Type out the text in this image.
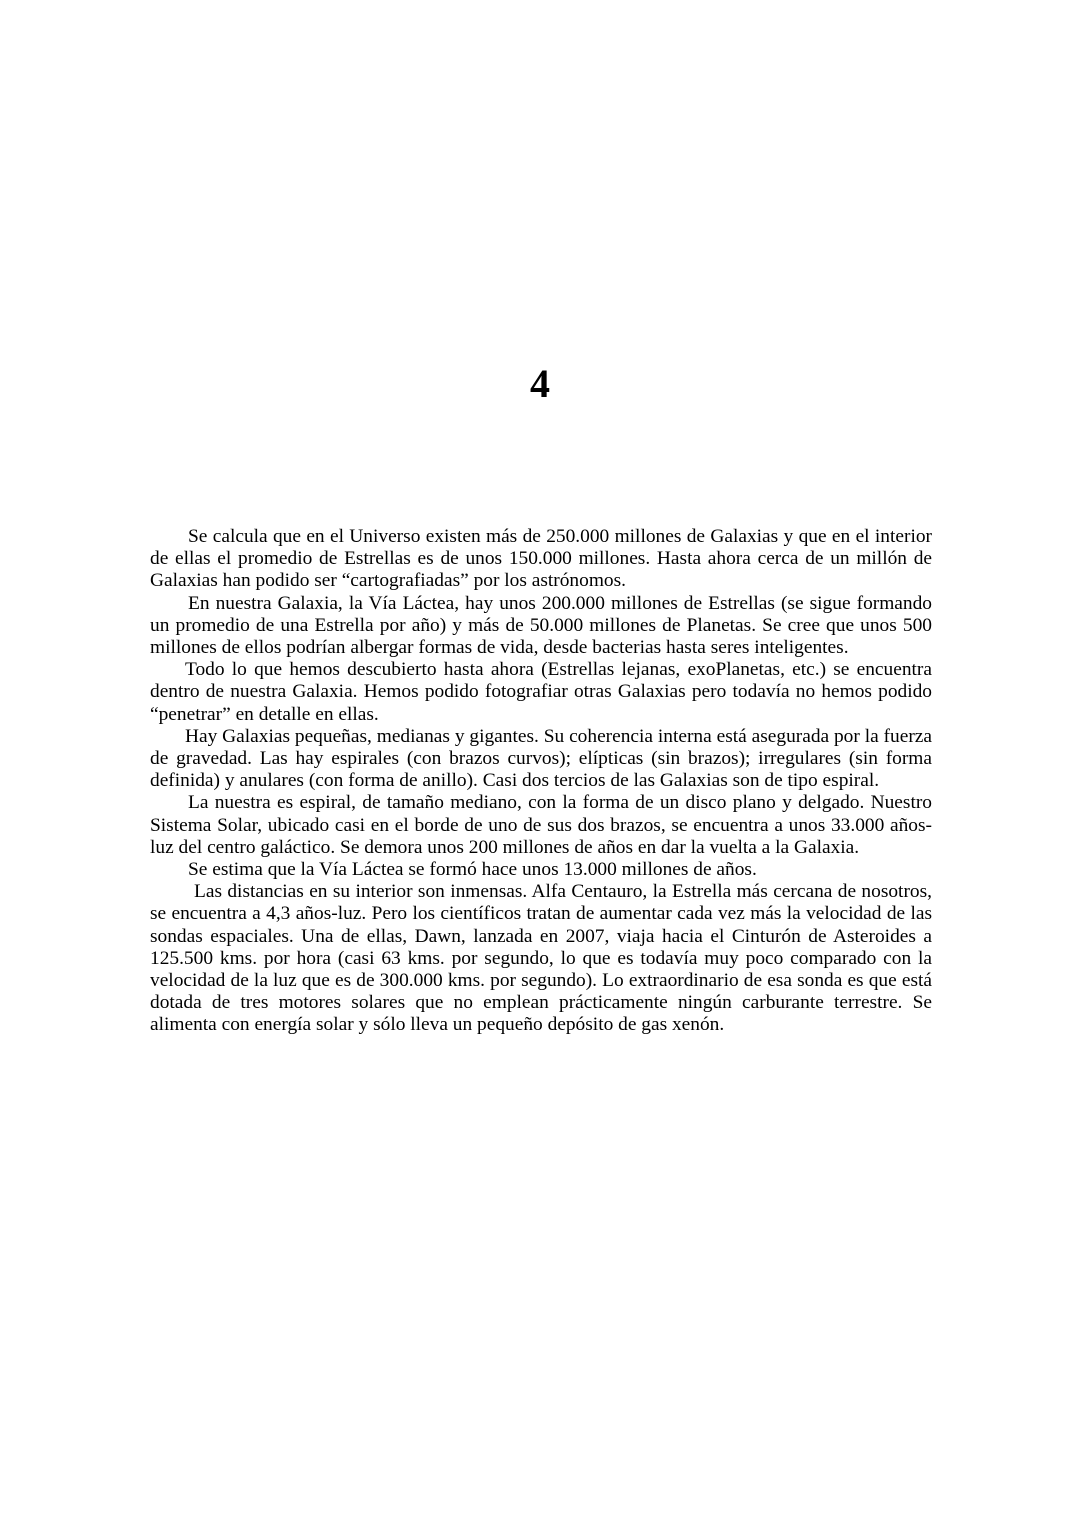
4

Se calcula que en el Universo existen más de 250.000 millones de Galaxias y que en el interior de ellas el promedio de Estrellas es de unos 150.000 millones. Hasta ahora cerca de un millón de Galaxias han podido ser “cartografiadas” por los astrónomos.

En nuestra Galaxia, la Vía Láctea, hay unos 200.000 millones de Estrellas (se sigue formando un promedio de una Estrella por año) y más de 50.000 millones de Planetas. Se cree que unos 500 millones de ellos podrían albergar formas de vida, desde bacterias hasta seres inteligentes.

Todo lo que hemos descubierto hasta ahora (Estrellas lejanas, exoPlanetas, etc.) se encuentra dentro de nuestra Galaxia. Hemos podido fotografiar otras Galaxias pero todavía no hemos podido “penetrar” en detalle en ellas.

Hay Galaxias pequeñas, medianas y gigantes. Su coherencia interna está asegurada por la fuerza de gravedad. Las hay espirales (con brazos curvos); elípticas (sin brazos); irregulares (sin forma definida) y anulares (con forma de anillo). Casi dos tercios de las Galaxias son de tipo espiral.

La nuestra es espiral, de tamaño mediano, con la forma de un disco plano y delgado. Nuestro Sistema Solar, ubicado casi en el borde de uno de sus dos brazos, se encuentra a unos 33.000 años-luz del centro galáctico. Se demora unos 200 millones de años en dar la vuelta a la Galaxia.

Se estima que la Vía Láctea se formó hace unos 13.000 millones de años.

Las distancias en su interior son inmensas. Alfa Centauro, la Estrella más cercana de nosotros, se encuentra a 4,3 años-luz. Pero los científicos tratan de aumentar cada vez más la velocidad de las sondas espaciales. Una de ellas, Dawn, lanzada en 2007, viaja hacia el Cinturón de Asteroides a 125.500 kms. por hora (casi 63 kms. por segundo, lo que es todavía muy poco comparado con la velocidad de la luz que es de 300.000 kms. por segundo). Lo extraordinario de esa sonda es que está dotada de tres motores solares que no emplean prácticamente ningún carburante terrestre. Se alimenta con energía solar y sólo lleva un pequeño depósito de gas xenón.
